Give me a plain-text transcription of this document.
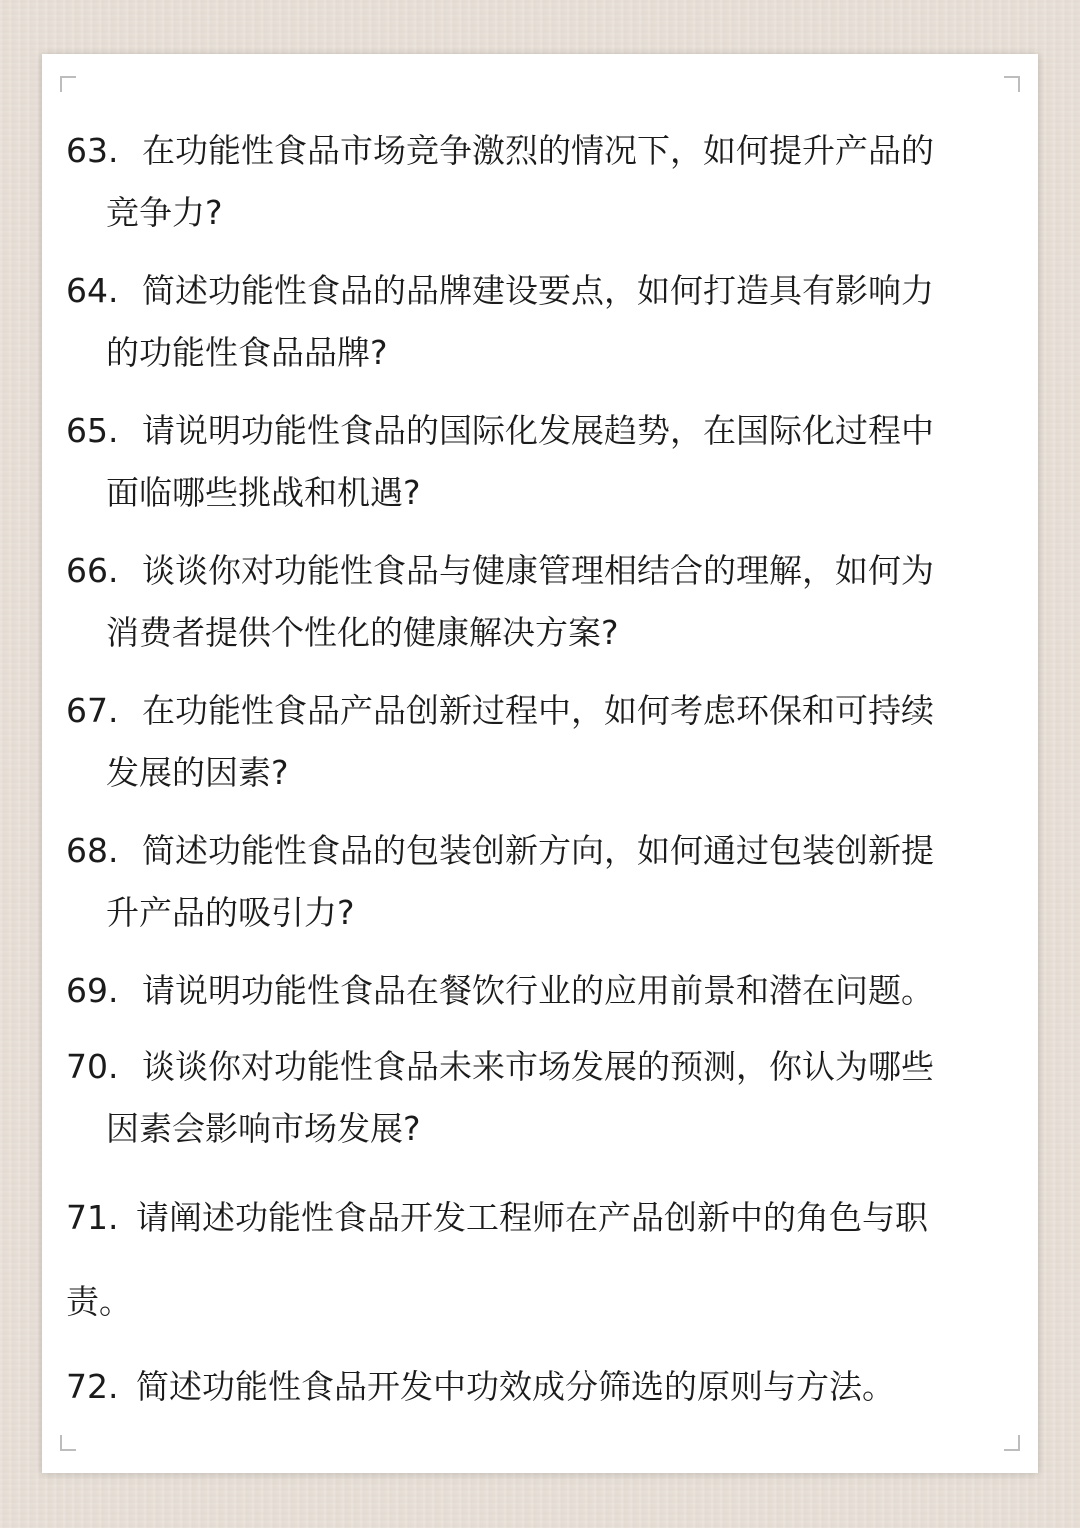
63. 在功能性食品市场竞争激烈的情况下，如何提升产品的
竞争力?
64. 简述功能性食品的品牌建设要点，如何打造具有影响力
的功能性食品品牌?
65. 请说明功能性食品的国际化发展趋势，在国际化过程中
面临哪些挑战和机遇?
66. 谈谈你对功能性食品与健康管理相结合的理解，如何为
消费者提供个性化的健康解决方案?
67. 在功能性食品产品创新过程中，如何考虑环保和可持续
发展的因素?
68. 简述功能性食品的包装创新方向，如何通过包装创新提
升产品的吸引力?
69. 请说明功能性食品在餐饮行业的应用前景和潜在问题。
70. 谈谈你对功能性食品未来市场发展的预测，你认为哪些
因素会影响市场发展?
71. 请阐述功能性食品开发工程师在产品创新中的角色与职
责。
72. 简述功能性食品开发中功效成分筛选的原则与方法。
